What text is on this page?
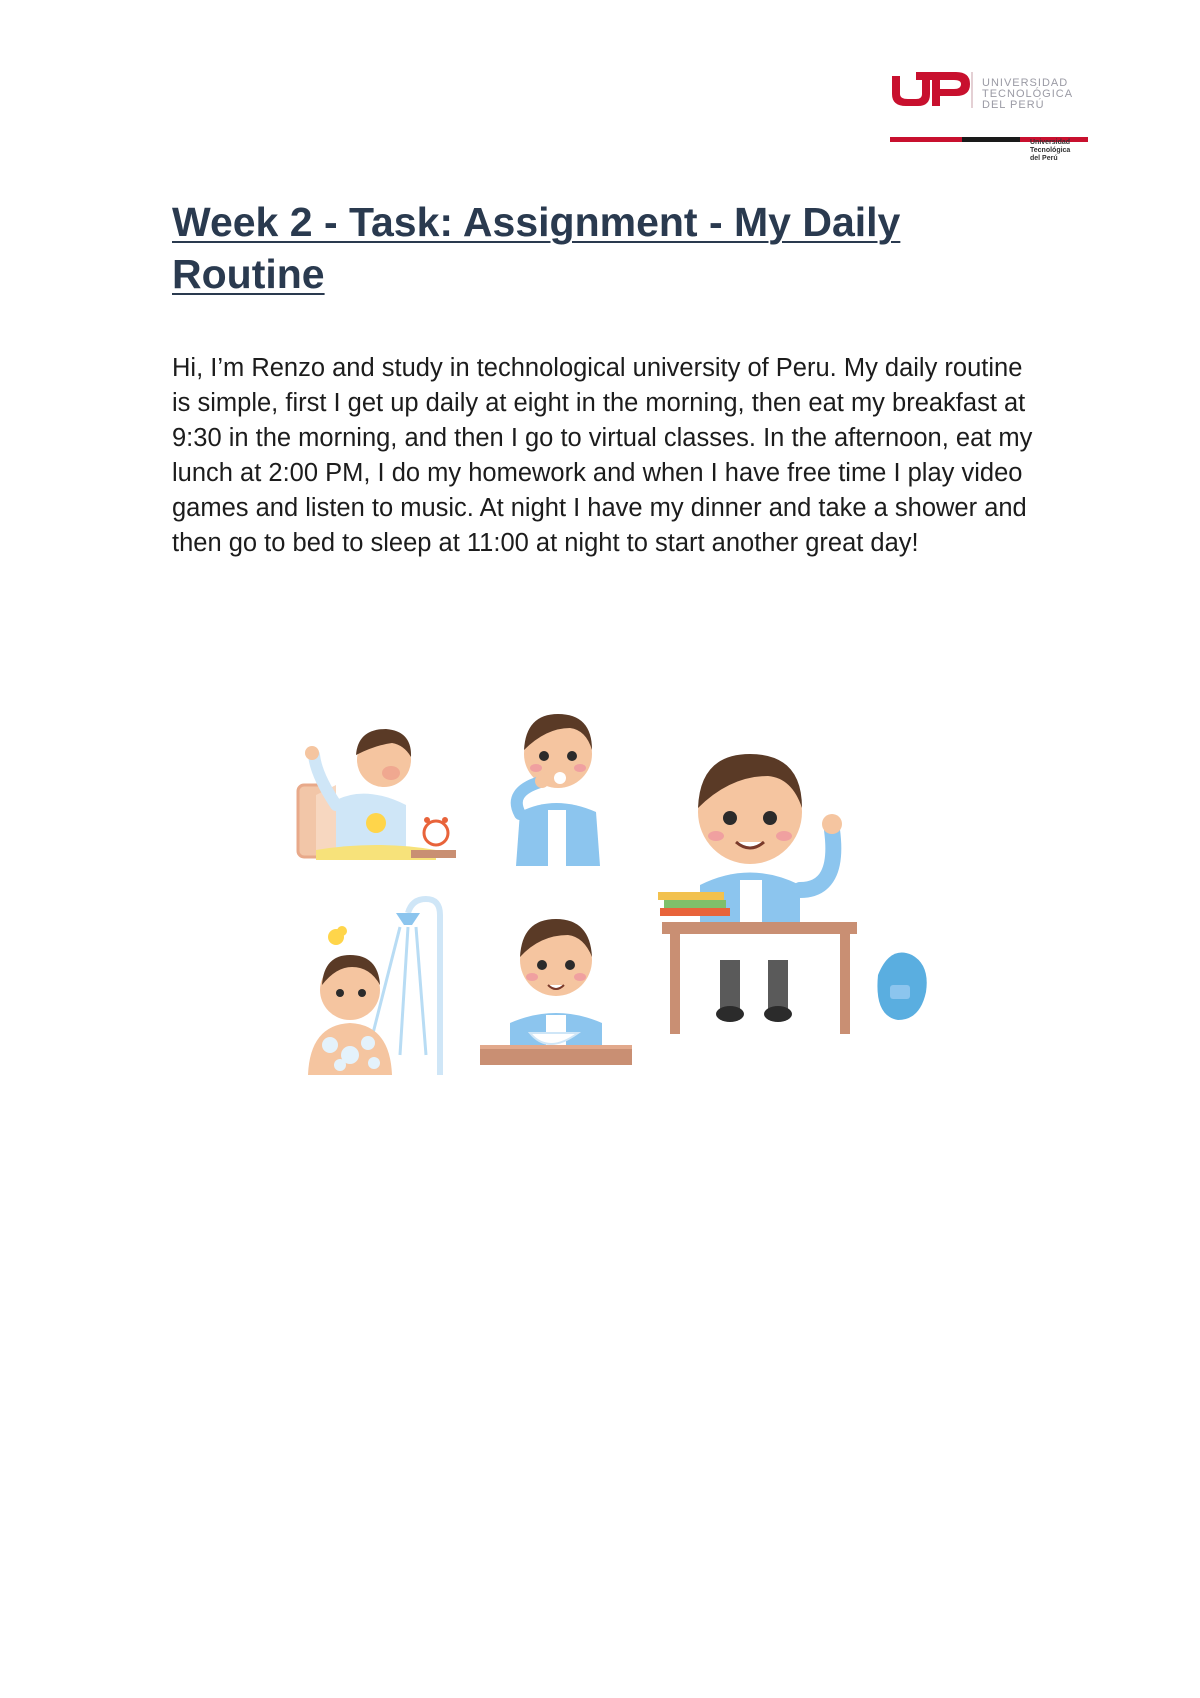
UNIVERSIDAD
TECNOLÓGICA
DEL PERÚ
Universidad
Tecnológica
del Perú
Week 2 - Task: Assignment - My Daily Routine

Hi, I’m Renzo and study in technological university of Peru. My daily routine is simple, first I get up daily at eight in the morning, then eat my breakfast at 9:30 in the morning, and then I go to virtual classes. In the afternoon, eat my lunch at 2:00 PM, I do my homework and when I have free time I play video games and listen to music. At night I have my dinner and take a shower and then go to bed to sleep at 11:00 at night to start another great day!
